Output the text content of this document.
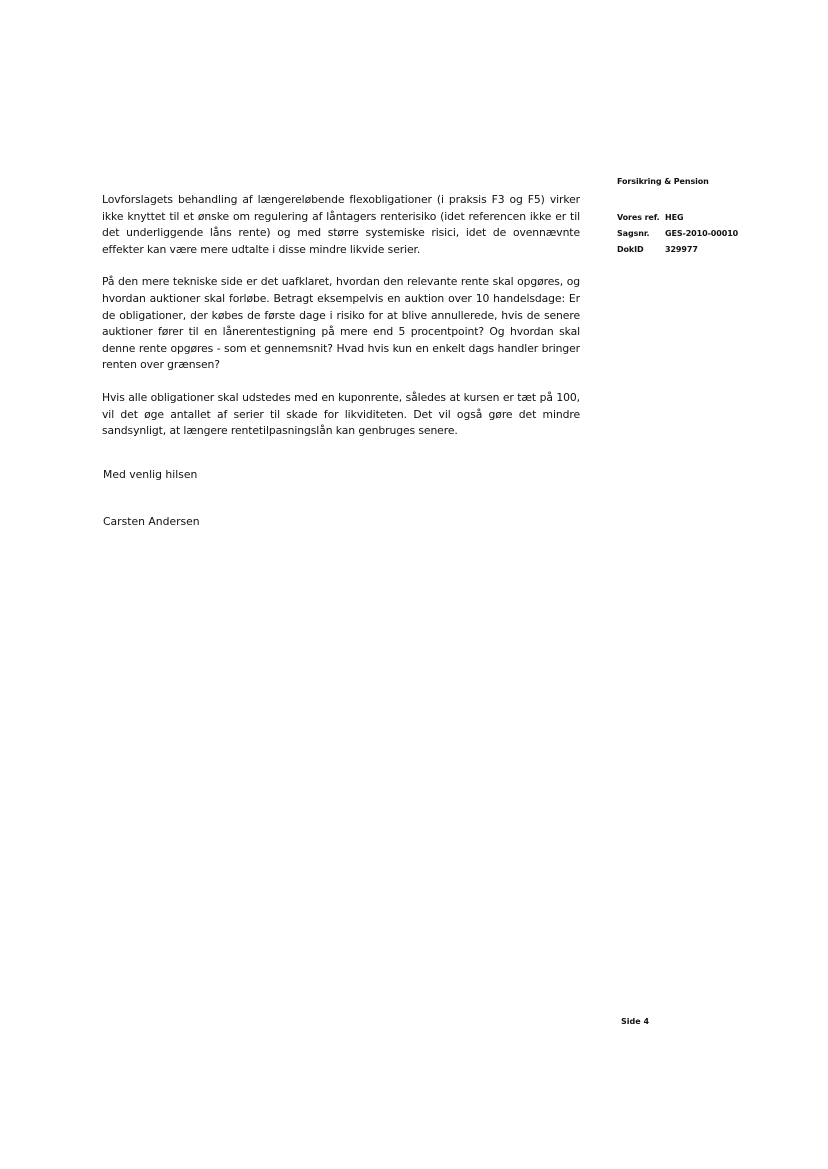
Forsikring & Pension
Vores ref. HEG
Sagsnr.	GES-2010-00010
DokID	329977

Lovforslagets behandling af længereløbende flexobligationer (i praksis F3 og F5) virker ikke knyttet til et ønske om regulering af låntagers renterisiko (idet referencen ikke er til det underliggende låns rente) og med større systemiske risici, idet de ovennævnte effekter kan være mere udtalte i disse mindre likvide serier.

På den mere tekniske side er det uafklaret, hvordan den relevante rente skal opgøres, og hvordan auktioner skal forløbe. Betragt eksempelvis en auktion over 10 handelsdage: Er de obligationer, der købes de første dage i risiko for at blive annullerede, hvis de senere auktioner fører til en lånerentestigning på mere end 5 procentpoint? Og hvordan skal denne rente opgøres - som et gennemsnit? Hvad hvis kun en enkelt dags handler bringer renten over grænsen?

Hvis alle obligationer skal udstedes med en kuponrente, således at kursen er tæt på 100, vil det øge antallet af serier til skade for likviditeten. Det vil også gøre det mindre sandsynligt, at længere rentetilpasningslån kan genbruges senere.

Med venlig hilsen
Carsten Andersen
Side 4
